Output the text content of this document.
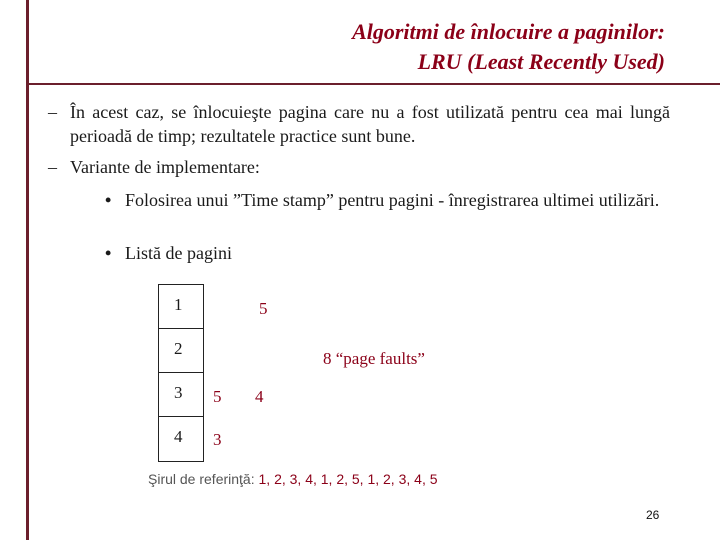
Algoritmi de înlocuire a paginilor:
LRU (Least Recently Used)
– În acest caz, se înlocuieşte pagina care nu a fost utilizată pentru cea mai lungă perioadă de timp; rezultatele practice sunt bune.
– Variante de implementare:
• Folosirea unui ”Time stamp” pentru pagini - înregistrarea ultimei utilizări.
• Listă de pagini
1
2
3
4
5
8 “page faults”
5 4
3
Şirul de referinţă: 1, 2, 3, 4, 1, 2, 5, 1, 2, 3, 4, 5
26
